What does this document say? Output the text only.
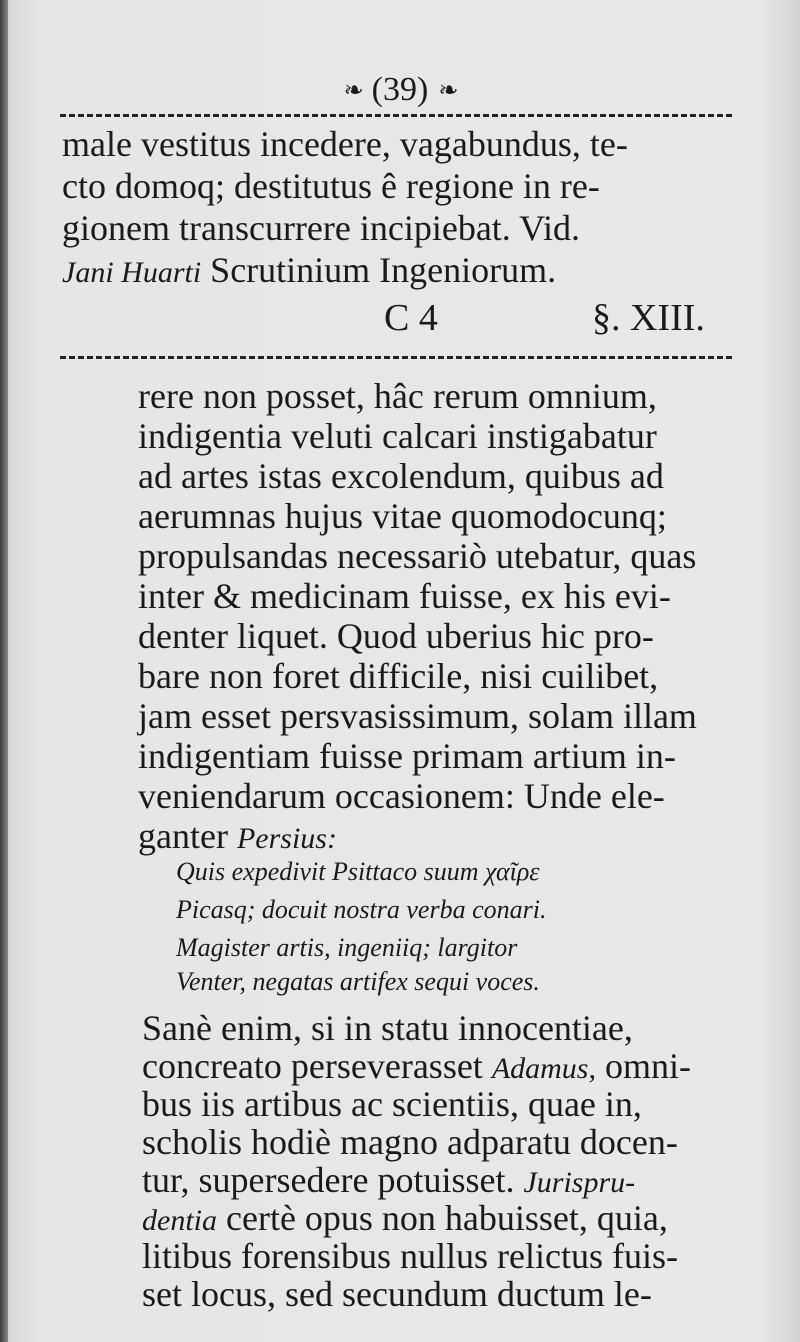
❧ (39) ❧
male vestitus incedere, vagabundus, te-
cto domoq; destitutus ê regione in re-
gionem transcurrere incipiebat. Vid.
Jani Huarti Scrutinium Ingeniorum.
C 4	§. XIII.
rere non posset, hâc rerum omnium,
indigentia veluti calcari instigabatur
ad artes istas excolendum, quibus ad
aerumnas hujus vitae quomodocunq;
propulsandas necessariò utebatur, quas
inter & medicinam fuisse, ex his evi-
denter liquet. Quod uberius hic pro-
bare non foret difficile, nisi cuilibet,
jam esset persvasissimum, solam illam
indigentiam fuisse primam artium in-
veniendarum occasionem: Unde ele-
ganter Persius:
Quis expedivit Psittaco suum χαῖρε
Picasq; docuit nostra verba conari.
Magister artis, ingeniiq; largitor
Venter, negatas artifex sequi voces.
Sanè enim, si in statu innocentiae,
concreato perseverasset Adamus, omni-
bus iis artibus ac scientiis, quae in,
scholis hodiè magno adparatu docen-
tur, supersedere potuisset. Jurispru-
dentia certè opus non habuisset, quia,
litibus forensibus nullus relictus fuis-
set locus, sed secundum ductum le-
